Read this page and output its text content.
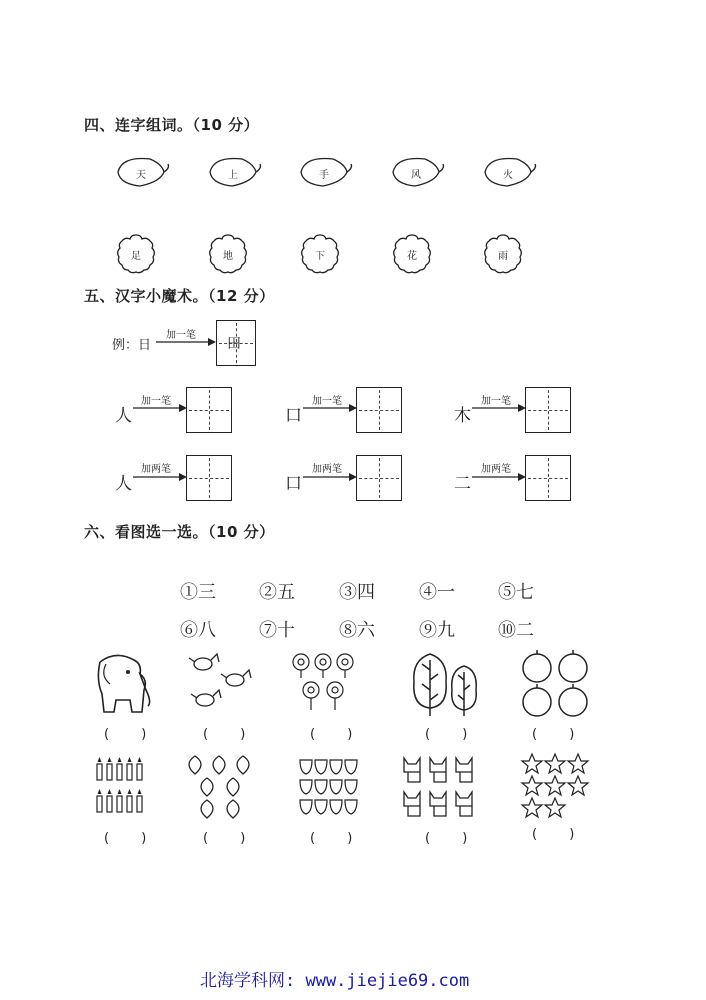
四、连字组词。（10 分）
天	上	手	风	火
足	地	下	花	雨
五、汉字小魔术。（12 分）
例：日
加一笔
田
人
加一笔
口
加一笔
木
加一笔
人
加两笔
口
加两笔
二
加两笔
六、看图选一选。（10 分）
①三 ②五 ③四 ④一 ⑤七
⑥八 ⑦十 ⑧六 ⑨九 ⑩二
( )	( )	( )	( )	( )
( )	( )	( )	( )	( )
北海学科网: www.jiejie69.com
